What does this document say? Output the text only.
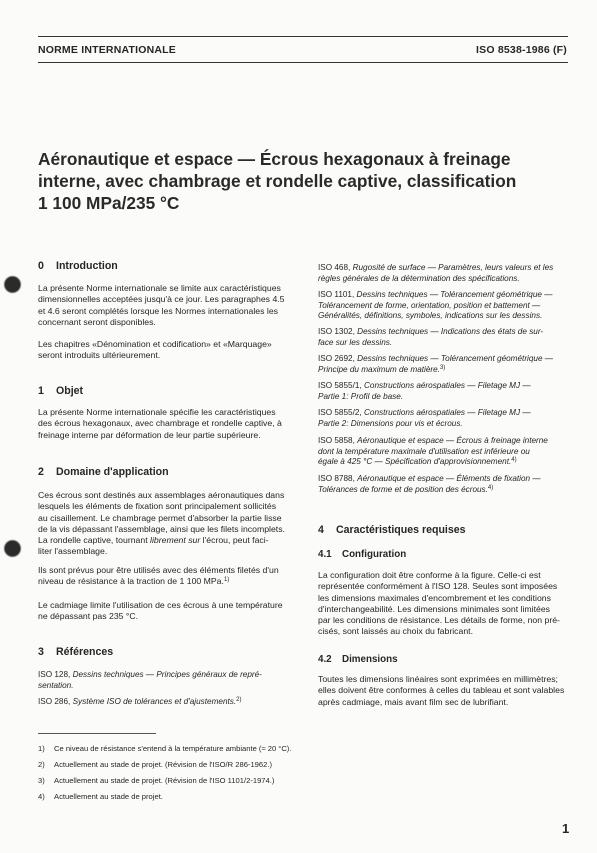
NORME INTERNATIONALE	ISO 8538-1986 (F)
Aéronautique et espace — Écrous hexagonaux à freinage
interne, avec chambrage et rondelle captive, classification
1 100 MPa/235 °C
0 Introduction
La présente Norme internationale se limite aux caractéristiques
dimensionnelles acceptées jusqu'à ce jour. Les paragraphes 4.5
et 4.6 seront complétés lorsque les Normes internationales les
concernant seront disponibles.
Les chapitres «Dénomination et codification» et «Marquage»
seront introduits ultérieurement.
1 Objet
La présente Norme internationale spécifie les caractéristiques
des écrous hexagonaux, avec chambrage et rondelle captive, à
freinage interne par déformation de leur partie supérieure.
2 Domaine d'application
Ces écrous sont destinés aux assemblages aéronautiques dans
lesquels les éléments de fixation sont principalement sollicités
au cisaillement. Le chambrage permet d'absorber la partie lisse
de la vis dépassant l'assemblage, ainsi que les filets incomplets.
La rondelle captive, tournant librement sur l'écrou, peut faci-
liter l'assemblage.
Ils sont prévus pour être utilisés avec des éléments filetés d'un
niveau de résistance à la traction de 1 100 MPa.$^{1)}$
Le cadmiage limite l'utilisation de ces écrous à une température
ne dépassant pas 235 °C.
3 Références
ISO 128, Dessins techniques — Principes généraux de repré-
sentation.
ISO 286, Système ISO de tolérances et d'ajustements.$^{2)}$
ISO 468, Rugosité de surface — Paramètres, leurs valeurs et les
règles générales de la détermination des spécifications.
ISO 1101, Dessins techniques — Tolérancement géométrique —
Tolérancement de forme, orientation, position et battement —
Généralités, définitions, symboles, indications sur les dessins.
ISO 1302, Dessins techniques — Indications des états de sur-
face sur les dessins.
ISO 2692, Dessins techniques — Tolérancement géométrique —
Principe du maximum de matière.$^{3)}$
ISO 5855/1, Constructions aérospatiales — Filetage MJ —
Partie 1: Profil de base.
ISO 5855/2, Constructions aérospatiales — Filetage MJ —
Partie 2: Dimensions pour vis et écrous.
ISO 5858, Aéronautique et espace — Écrous à freinage interne
dont la température maximale d'utilisation est inférieure ou
égale à 425 °C — Spécification d'approvisionnement.$^{4)}$
ISO 8788, Aéronautique et espace — Éléments de fixation —
Tolérances de forme et de position des écrous.$^{4)}$
4 Caractéristiques requises
4.1 Configuration
La configuration doit être conforme à la figure. Celle-ci est
représentée conformément à l'ISO 128. Seules sont imposées
les dimensions maximales d'encombrement et les conditions
d'interchangeabilité. Les dimensions minimales sont limitées
par les conditions de résistance. Les détails de forme, non pré-
cisés, sont laissés au choix du fabricant.
4.2 Dimensions
Toutes les dimensions linéaires sont exprimées en millimètres;
elles doivent être conformes à celles du tableau et sont valables
après cadmiage, mais avant film sec de lubrifiant.
1) Ce niveau de résistance s'entend à la température ambiante (≈ 20 °C).
2) Actuellement au stade de projet. (Révision de l'ISO/R 286-1962.)
3) Actuellement au stade de projet. (Révision de l'ISO 1101/2-1974.)
4) Actuellement au stade de projet.
1
